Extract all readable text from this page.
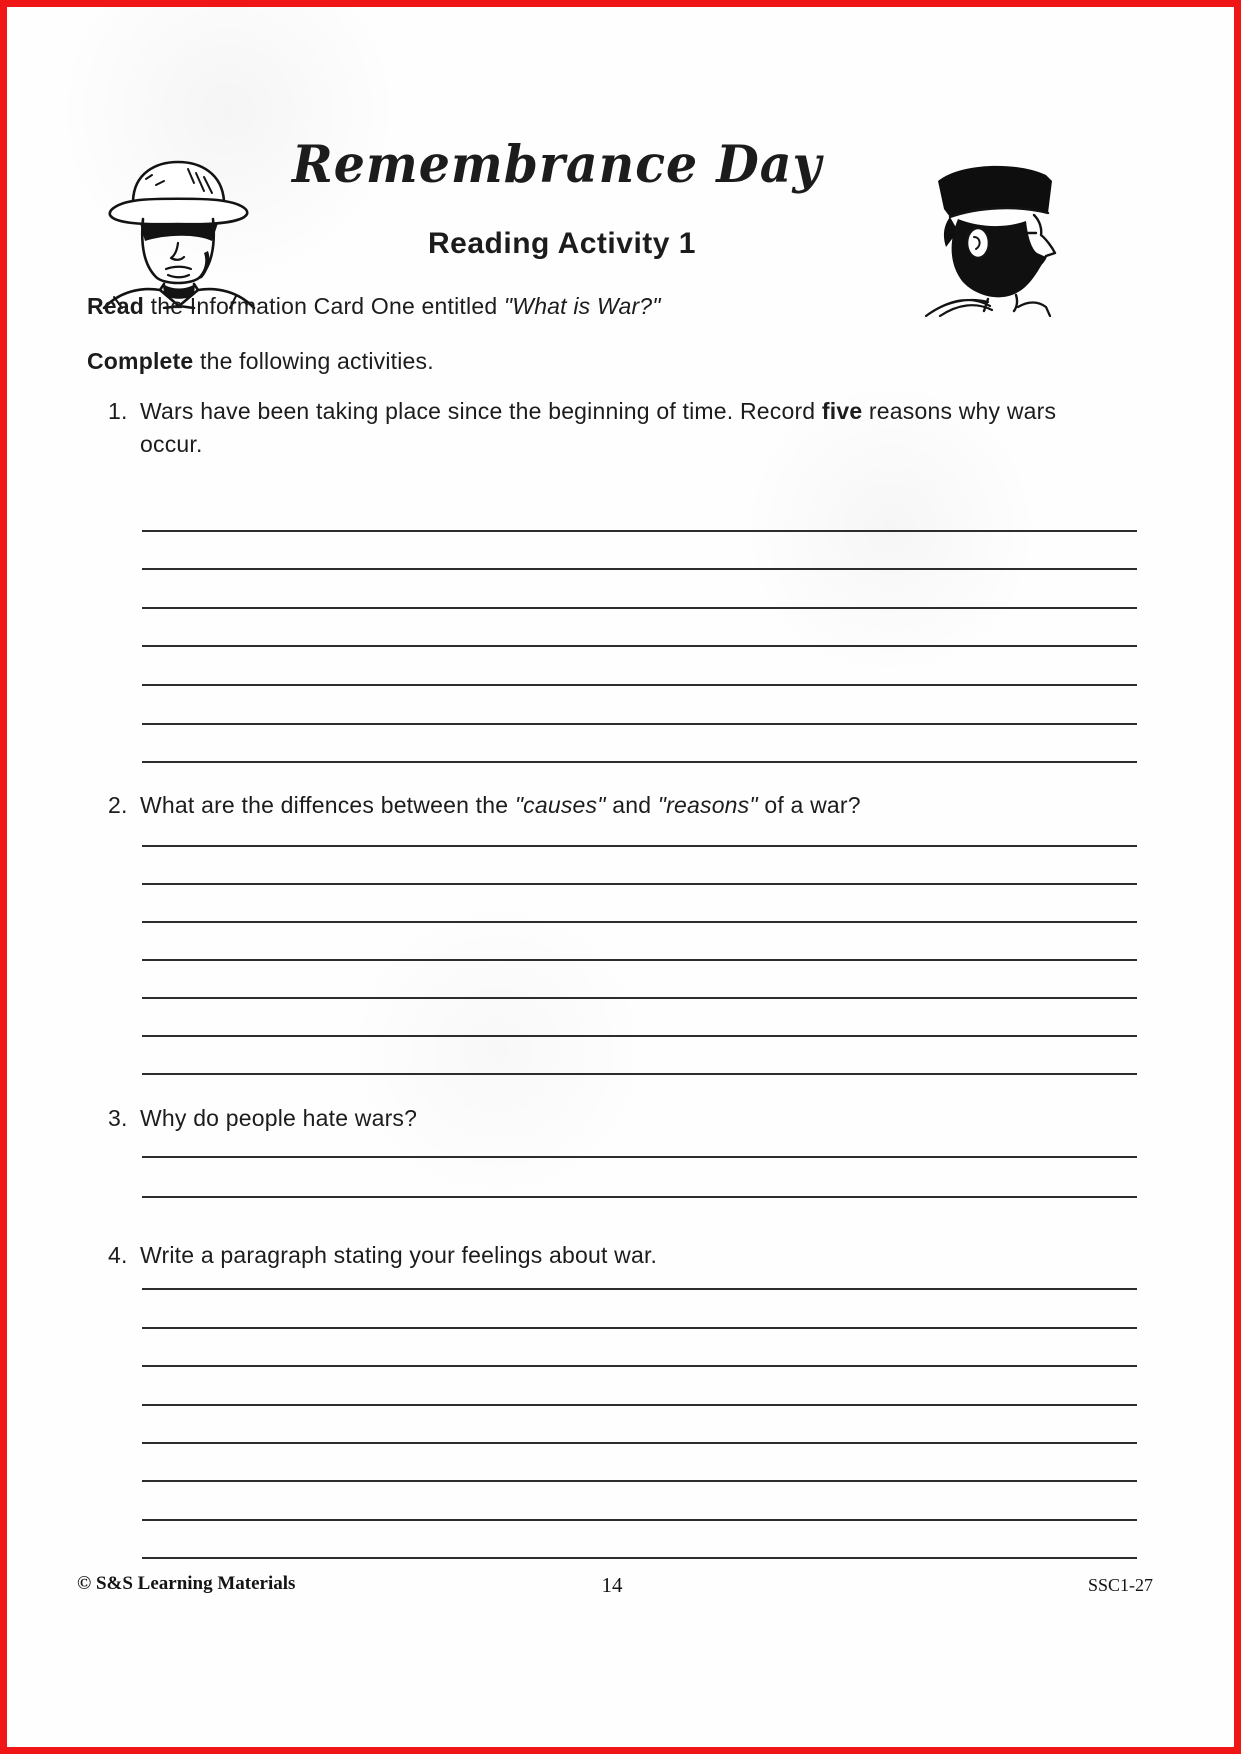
Remembrance Day
Reading Activity 1
Read the Information Card One entitled "What is War?"
Complete the following activities.
1. Wars have been taking place since the beginning of time. Record five reasons why wars occur.
2. What are the diffences between the "causes" and "reasons" of a war?
3. Why do people hate wars?
4. Write a paragraph stating your feelings about war.
14
© S&S Learning Materials	SSC1-27
